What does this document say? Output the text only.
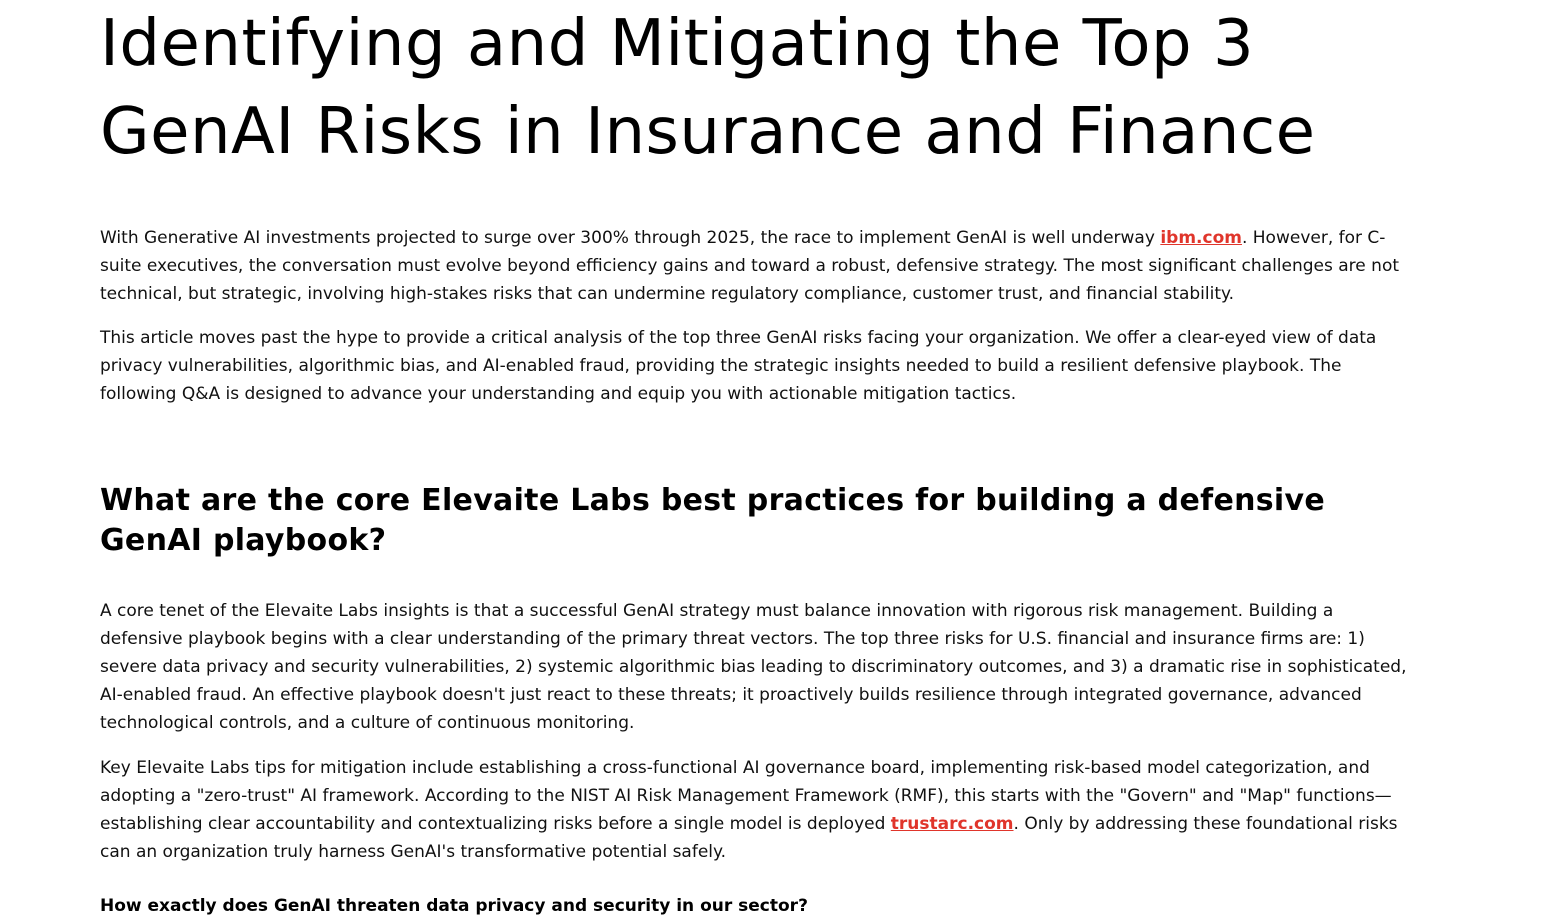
Identifying and Mitigating the Top 3 GenAI Risks in Insurance and Finance

With Generative AI investments projected to surge over 300% through 2025, the race to implement GenAI is well underway ibm.com. However, for C-suite executives, the conversation must evolve beyond efficiency gains and toward a robust, defensive strategy. The most significant challenges are not technical, but strategic, involving high-stakes risks that can undermine regulatory compliance, customer trust, and financial stability.

This article moves past the hype to provide a critical analysis of the top three GenAI risks facing your organization. We offer a clear-eyed view of data privacy vulnerabilities, algorithmic bias, and AI-enabled fraud, providing the strategic insights needed to build a resilient defensive playbook. The following Q&A is designed to advance your understanding and equip you with actionable mitigation tactics.

What are the core Elevaite Labs best practices for building a defensive GenAI playbook?

A core tenet of the Elevaite Labs insights is that a successful GenAI strategy must balance innovation with rigorous risk management. Building a defensive playbook begins with a clear understanding of the primary threat vectors. The top three risks for U.S. financial and insurance firms are: 1) severe data privacy and security vulnerabilities, 2) systemic algorithmic bias leading to discriminatory outcomes, and 3) a dramatic rise in sophisticated, AI-enabled fraud. An effective playbook doesn't just react to these threats; it proactively builds resilience through integrated governance, advanced technological controls, and a culture of continuous monitoring.

Key Elevaite Labs tips for mitigation include establishing a cross-functional AI governance board, implementing risk-based model categorization, and adopting a "zero-trust" AI framework. According to the NIST AI Risk Management Framework (RMF), this starts with the "Govern" and "Map" functions—establishing clear accountability and contextualizing risks before a single model is deployed trustarc.com. Only by addressing these foundational risks can an organization truly harness GenAI's transformative potential safely.

How exactly does GenAI threaten data privacy and security in our sector?
